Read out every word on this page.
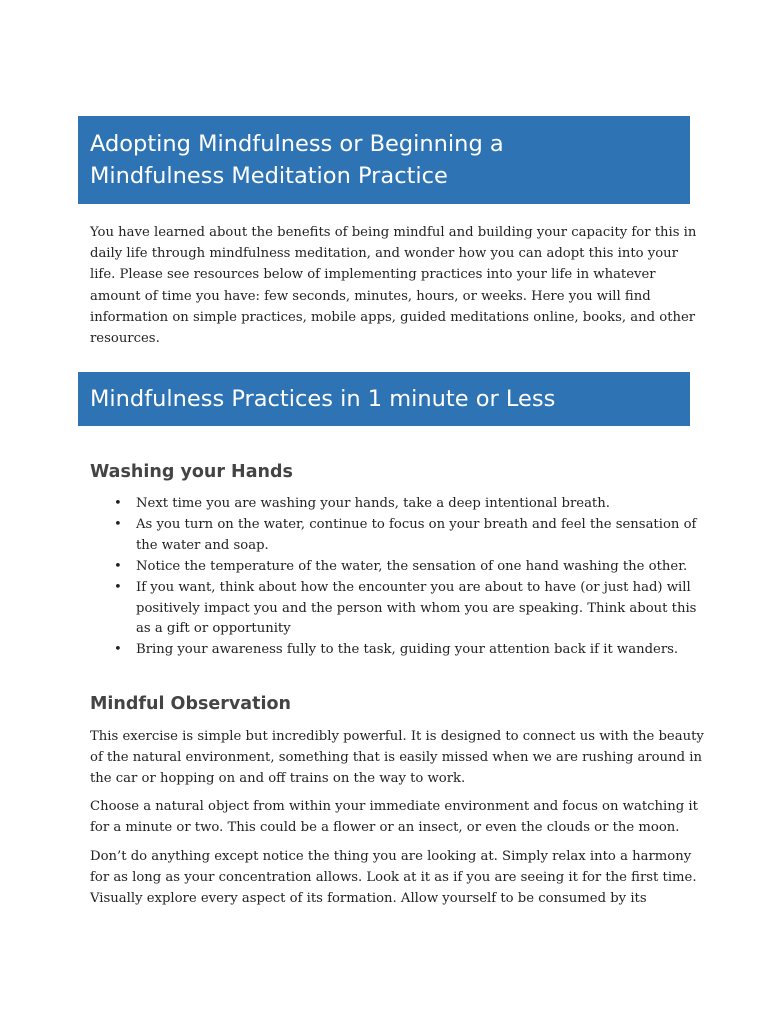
Adopting Mindfulness or Beginning a
Mindfulness Meditation Practice

You have learned about the benefits of being mindful and building your capacity for this in
daily life through mindfulness meditation, and wonder how you can adopt this into your
life. Please see resources below of implementing practices into your life in whatever
amount of time you have: few seconds, minutes, hours, or weeks. Here you will find
information on simple practices, mobile apps, guided meditations online, books, and other
resources.

Mindfulness Practices in 1 minute or Less
Washing your Hands
• Next time you are washing your hands, take a deep intentional breath.
• As you turn on the water, continue to focus on your breath and feel the sensation of
the water and soap.
• Notice the temperature of the water, the sensation of one hand washing the other.
• If you want, think about how the encounter you are about to have (or just had) will
positively impact you and the person with whom you are speaking. Think about this
as a gift or opportunity
• Bring your awareness fully to the task, guiding your attention back if it wanders.
Mindful Observation

This exercise is simple but incredibly powerful. It is designed to connect us with the beauty
of the natural environment, something that is easily missed when we are rushing around in
the car or hopping on and off trains on the way to work.

Choose a natural object from within your immediate environment and focus on watching it
for a minute or two. This could be a flower or an insect, or even the clouds or the moon.

Don’t do anything except notice the thing you are looking at. Simply relax into a harmony
for as long as your concentration allows. Look at it as if you are seeing it for the first time.
Visually explore every aspect of its formation. Allow yourself to be consumed by its
